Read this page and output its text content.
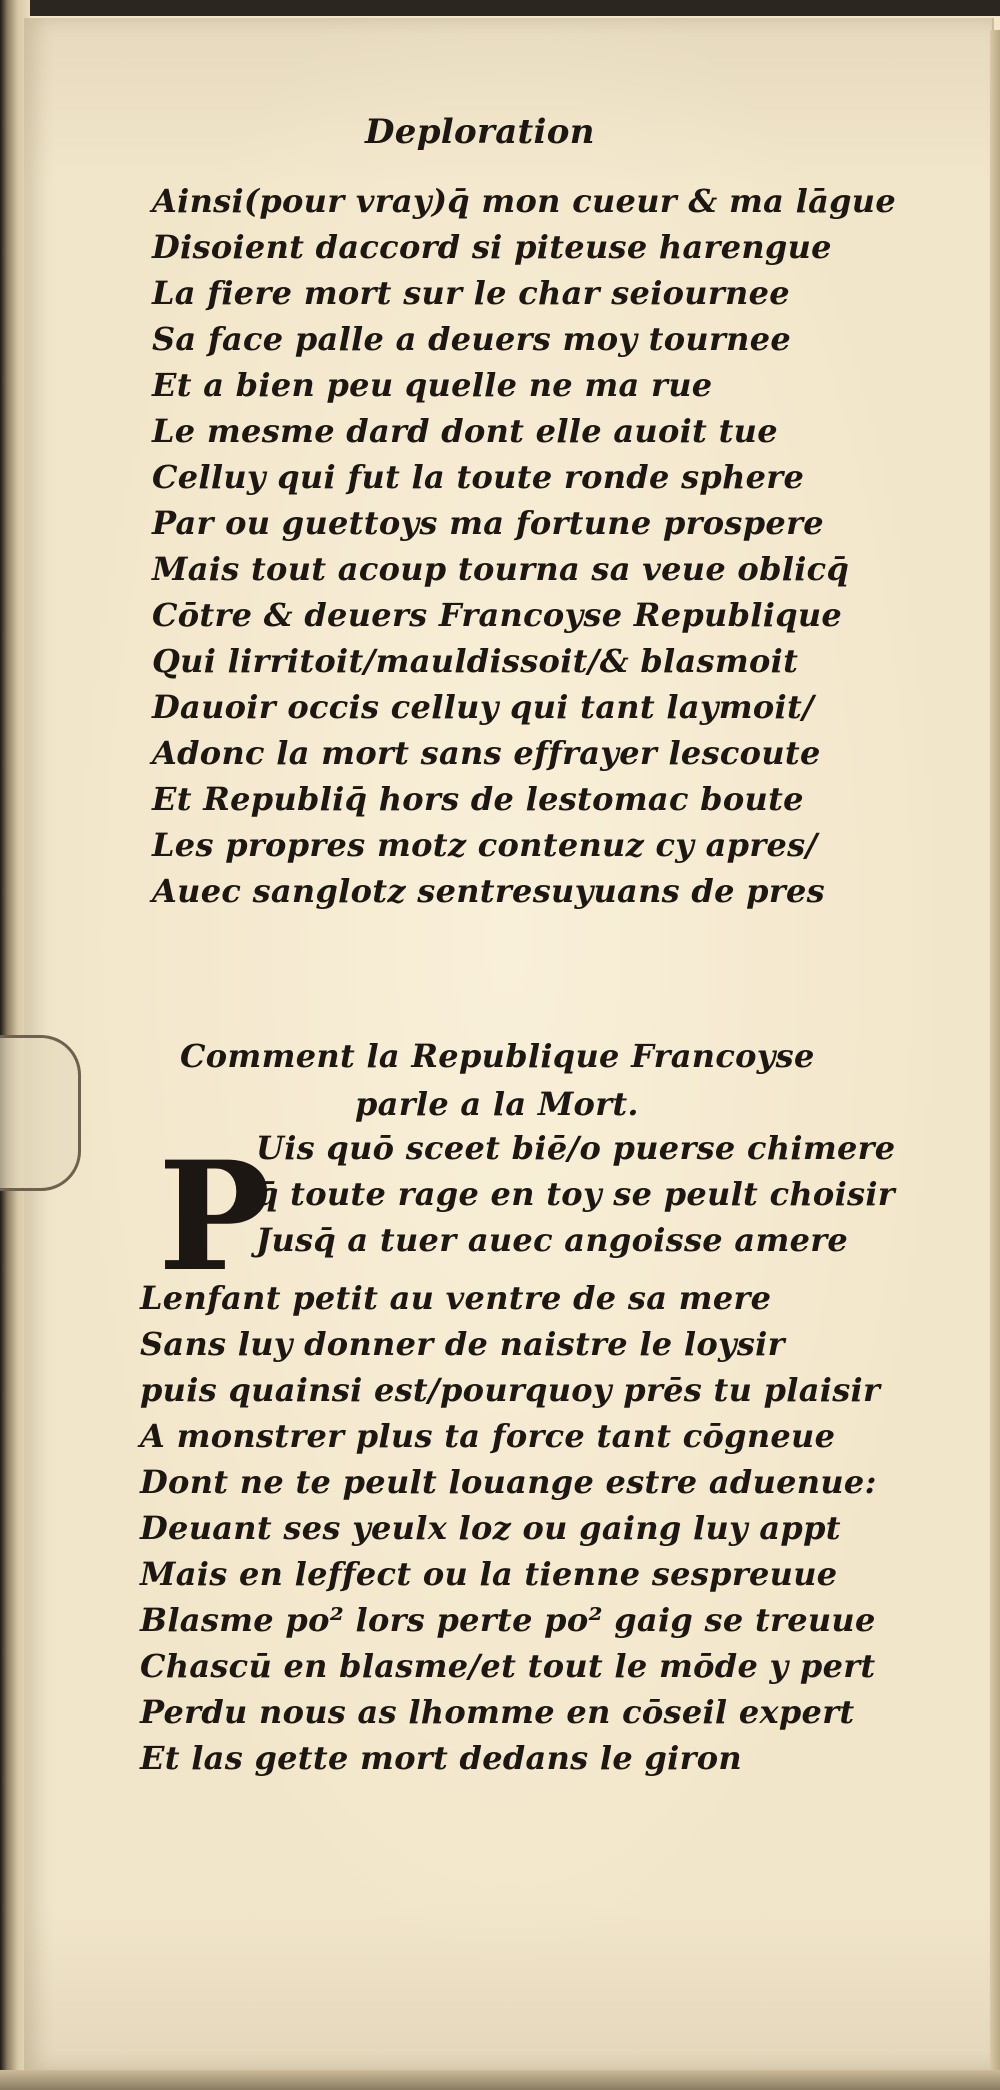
Deploration
Ainsi(pour vray)q̄ mon cueur & ma lāgue
Disoient daccord si piteuse harengue
La fiere mort sur le char seiournee
Sa face palle a deuers moy tournee
Et a bien peu quelle ne ma rue
Le mesme dard dont elle auoit tue
Celluy qui fut la toute ronde sphere
Par ou guettoys ma fortune prospere
Mais tout acoup tourna sa veue oblicq̄
Cōtre & deuers Francoyse Republique
Qui lirritoit/mauldissoit/& blasmoit
Dauoir occis celluy qui tant laymoit/
Adonc la mort sans effrayer lescoute
Et Republiq̄ hors de lestomac boute
Les propres motz contenuz cy apres/
Auec sanglotz sentresuyuans de pres
Comment la Republique Francoyse
parle a la Mort.
P
Uis quō sceet biē/o puerse chimere
q̄ toute rage en toy se peult choisir
Jusq̄ a tuer auec angoisse amere
Lenfant petit au ventre de sa mere
Sans luy donner de naistre le loysir
puis quainsi est/pourquoy prēs tu plaisir
A monstrer plus ta force tant cōgneue
Dont ne te peult louange estre aduenue:
Deuant ses yeulx loz ou gaing luy appt
Mais en leffect ou la tienne sespreuue
Blasme po² lors perte po² gaig se treuue
Chascū en blasme/et tout le mōde y pert
Perdu nous as lhomme en cōseil expert
Et las gette mort dedans le giron
